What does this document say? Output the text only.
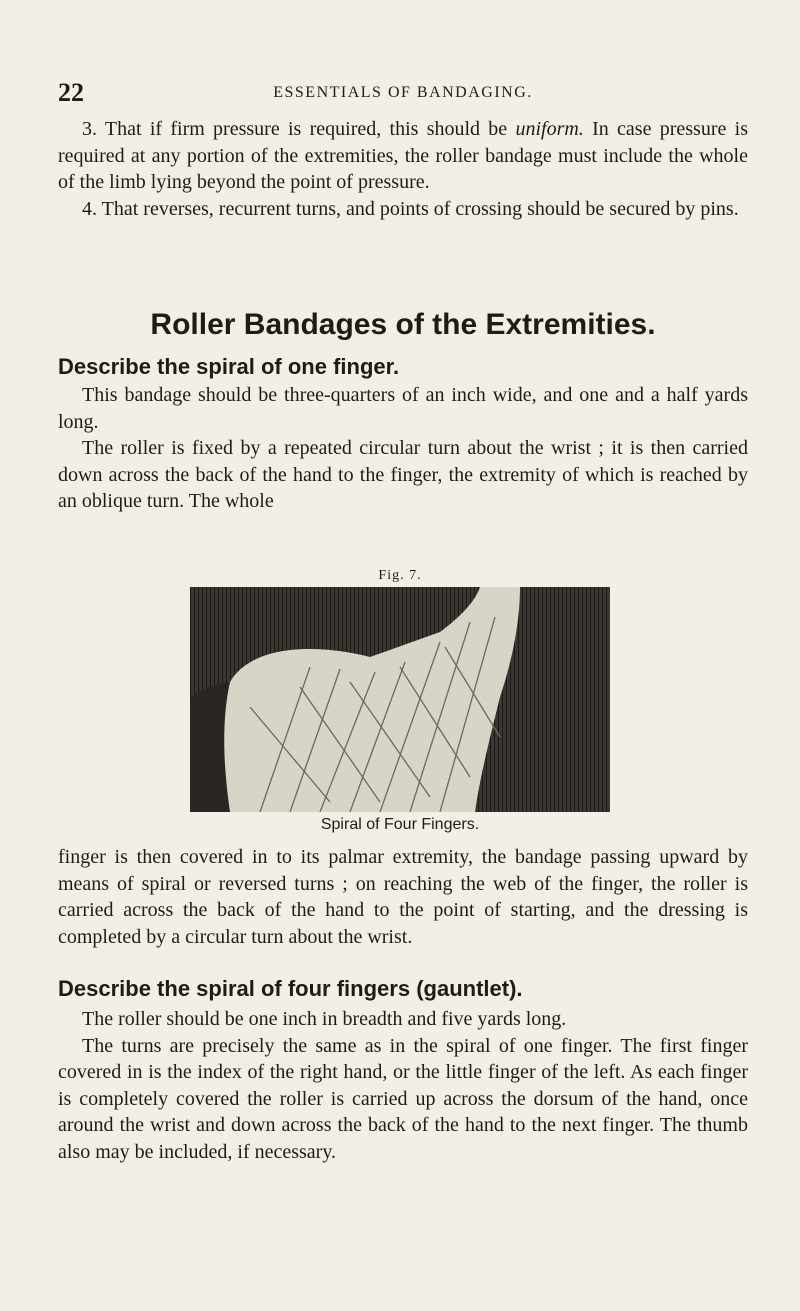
22	ESSENTIALS OF BANDAGING.

3. That if firm pressure is required, this should be uniform. In case pressure is required at any portion of the extremities, the roller bandage must include the whole of the limb lying beyond the point of pressure.

4. That reverses, recurrent turns, and points of crossing should be secured by pins.

Roller Bandages of the Extremities.
Describe the spiral of one finger.

This bandage should be three-quarters of an inch wide, and one and a half yards long.

The roller is fixed by a repeated circular turn about the wrist ; it is then carried down across the back of the hand to the finger, the extremity of which is reached by an oblique turn. The whole

Fig. 7.
Spiral of Four Fingers.

finger is then covered in to its palmar extremity, the bandage passing upward by means of spiral or reversed turns ; on reaching the web of the finger, the roller is carried across the back of the hand to the point of starting, and the dressing is completed by a circular turn about the wrist.

Describe the spiral of four fingers (gauntlet).

The roller should be one inch in breadth and five yards long.

The turns are precisely the same as in the spiral of one finger. The first finger covered in is the index of the right hand, or the little finger of the left. As each finger is completely covered the roller is carried up across the dorsum of the hand, once around the wrist and down across the back of the hand to the next finger. The thumb also may be included, if necessary.
